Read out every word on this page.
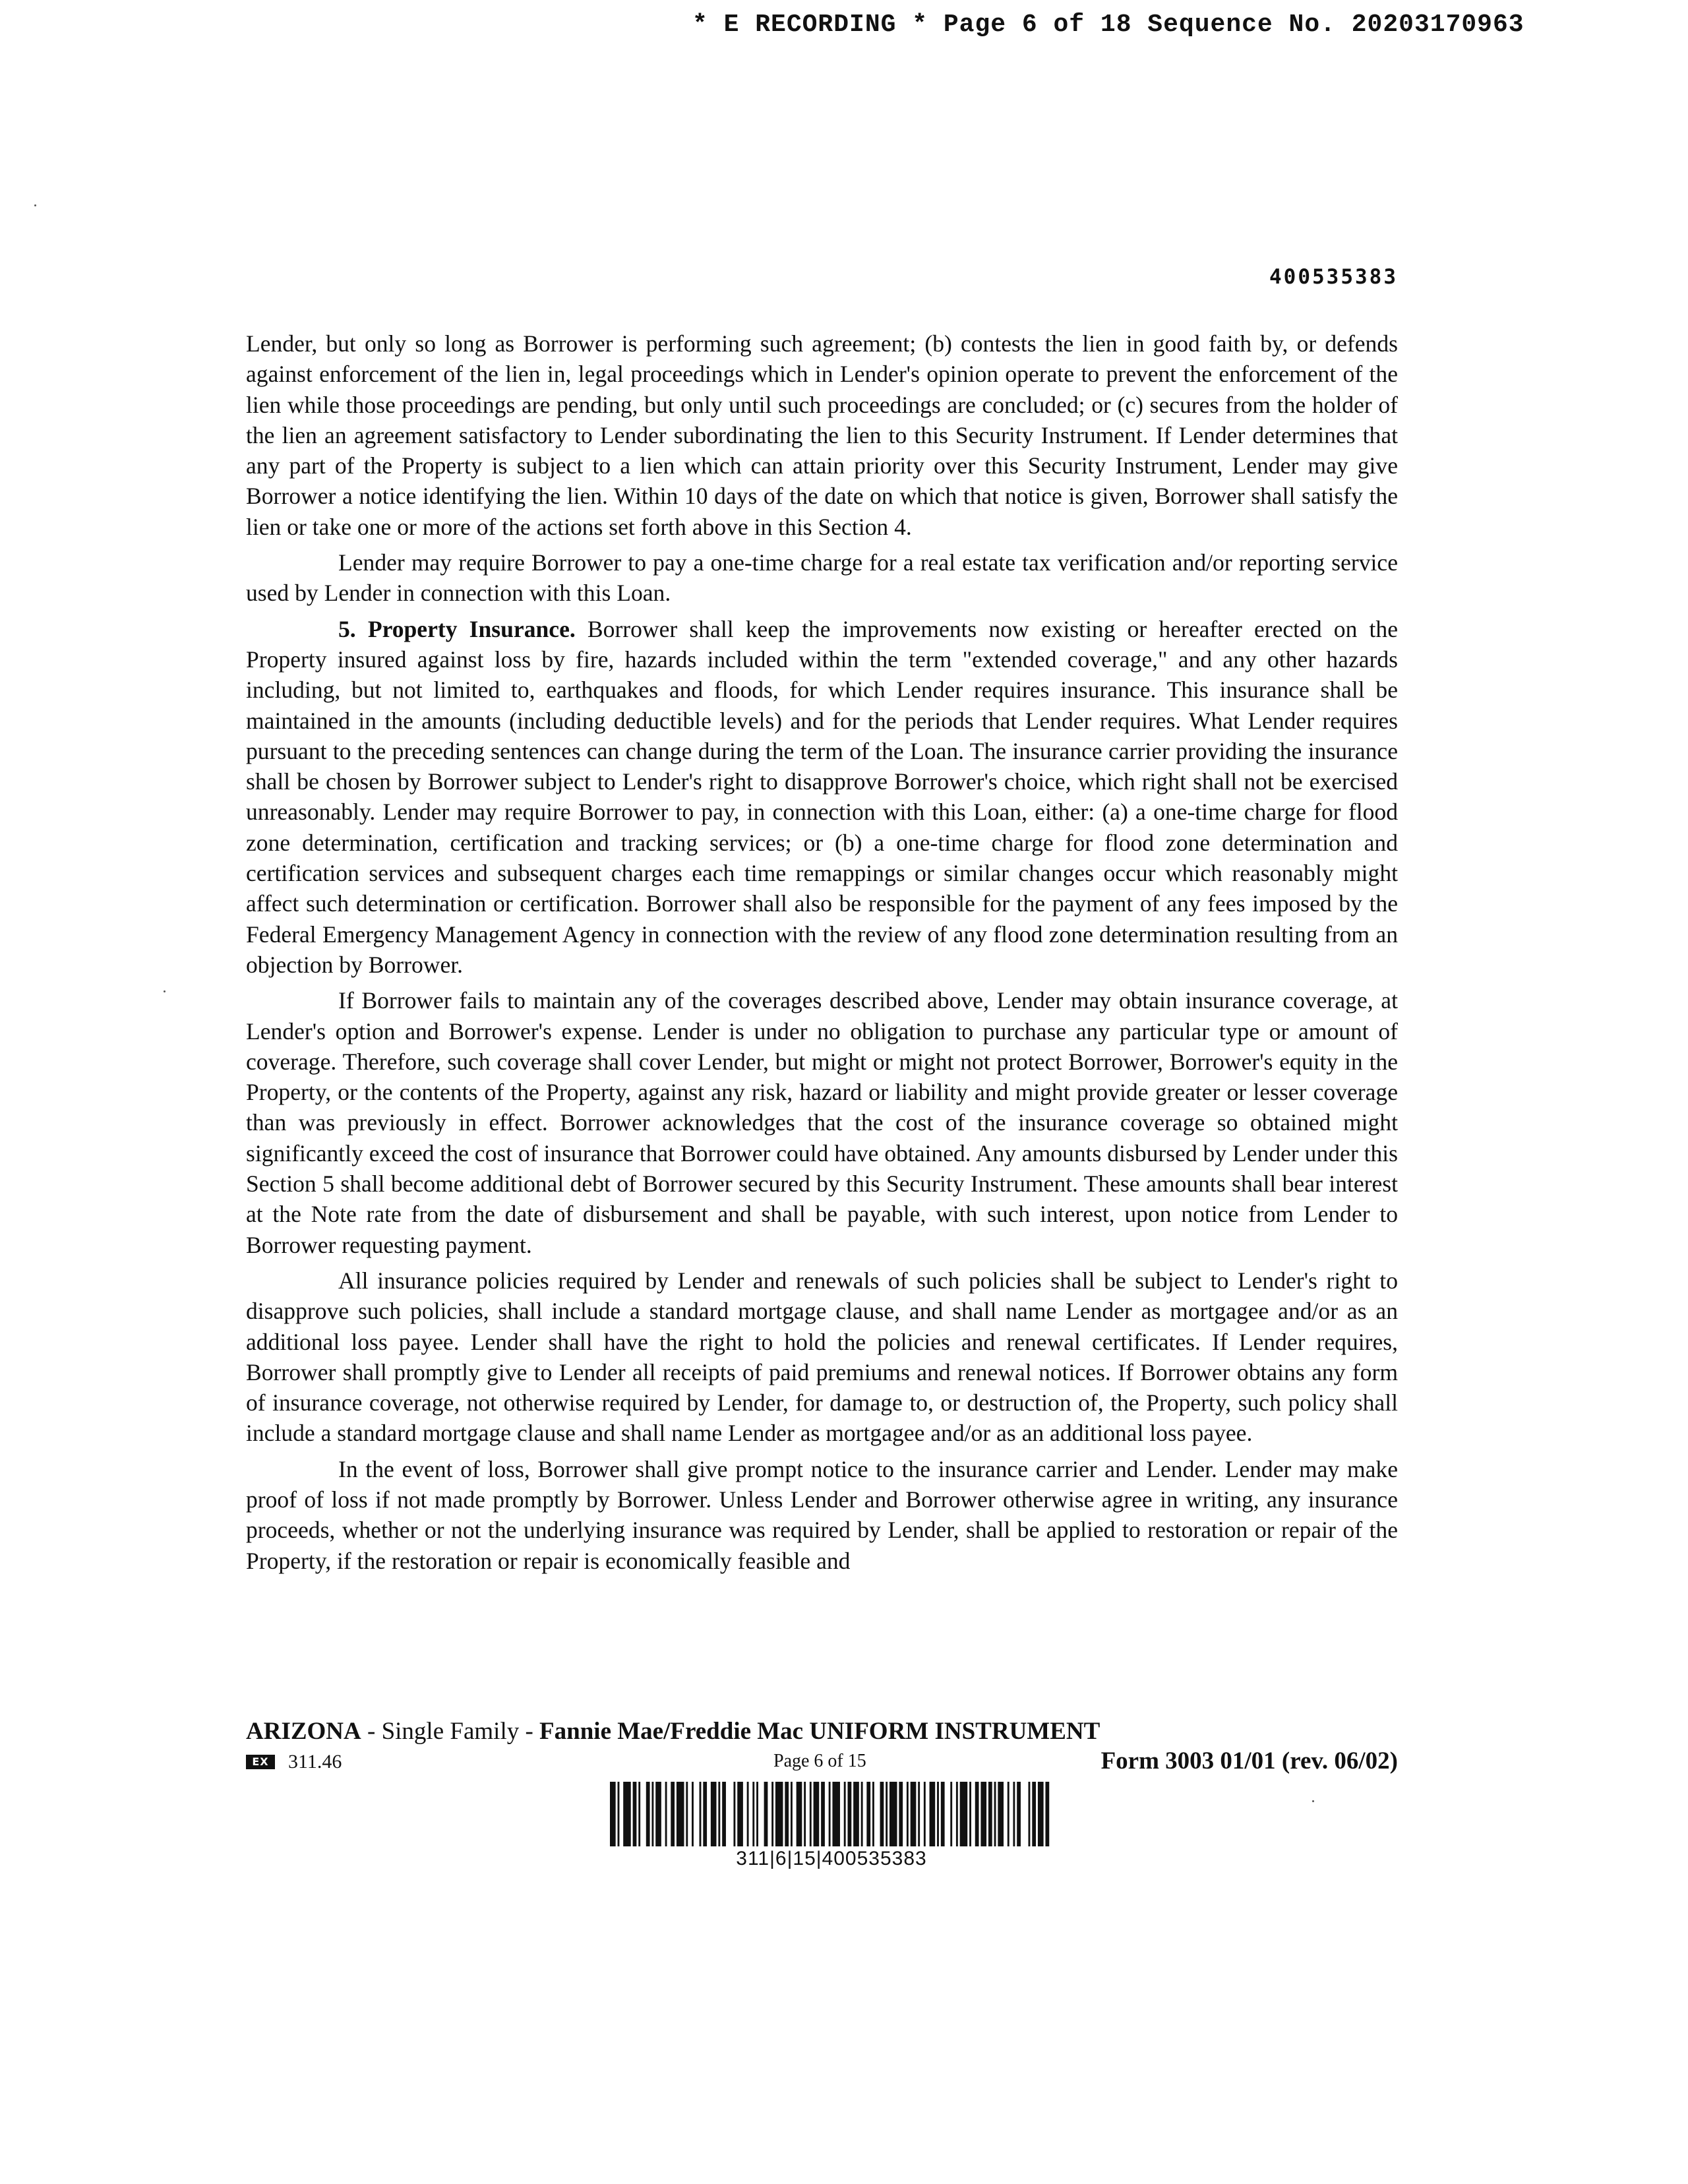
* E RECORDING * Page 6 of 18 Sequence No. 20203170963
400535383

Lender, but only so long as Borrower is performing such agreement; (b) contests the lien in good faith by, or defends against enforcement of the lien in, legal proceedings which in Lender's opinion operate to prevent the enforcement of the lien while those proceedings are pending, but only until such proceedings are concluded; or (c) secures from the holder of the lien an agreement satisfactory to Lender subordinating the lien to this Security Instrument. If Lender determines that any part of the Property is subject to a lien which can attain priority over this Security Instrument, Lender may give Borrower a notice identifying the lien. Within 10 days of the date on which that notice is given, Borrower shall satisfy the lien or take one or more of the actions set forth above in this Section 4.

Lender may require Borrower to pay a one-time charge for a real estate tax verification and/or reporting service used by Lender in connection with this Loan.

5. Property Insurance. Borrower shall keep the improvements now existing or hereafter erected on the Property insured against loss by fire, hazards included within the term "extended coverage," and any other hazards including, but not limited to, earthquakes and floods, for which Lender requires insurance. This insurance shall be maintained in the amounts (including deductible levels) and for the periods that Lender requires. What Lender requires pursuant to the preceding sentences can change during the term of the Loan. The insurance carrier providing the insurance shall be chosen by Borrower subject to Lender's right to disapprove Borrower's choice, which right shall not be exercised unreasonably. Lender may require Borrower to pay, in connection with this Loan, either: (a) a one-time charge for flood zone determination, certification and tracking services; or (b) a one-time charge for flood zone determination and certification services and subsequent charges each time remappings or similar changes occur which reasonably might affect such determination or certification. Borrower shall also be responsible for the payment of any fees imposed by the Federal Emergency Management Agency in connection with the review of any flood zone determination resulting from an objection by Borrower.

If Borrower fails to maintain any of the coverages described above, Lender may obtain insurance coverage, at Lender's option and Borrower's expense. Lender is under no obligation to purchase any particular type or amount of coverage. Therefore, such coverage shall cover Lender, but might or might not protect Borrower, Borrower's equity in the Property, or the contents of the Property, against any risk, hazard or liability and might provide greater or lesser coverage than was previously in effect. Borrower acknowledges that the cost of the insurance coverage so obtained might significantly exceed the cost of insurance that Borrower could have obtained. Any amounts disbursed by Lender under this Section 5 shall become additional debt of Borrower secured by this Security Instrument. These amounts shall bear interest at the Note rate from the date of disbursement and shall be payable, with such interest, upon notice from Lender to Borrower requesting payment.

All insurance policies required by Lender and renewals of such policies shall be subject to Lender's right to disapprove such policies, shall include a standard mortgage clause, and shall name Lender as mortgagee and/or as an additional loss payee. Lender shall have the right to hold the policies and renewal certificates. If Lender requires, Borrower shall promptly give to Lender all receipts of paid premiums and renewal notices. If Borrower obtains any form of insurance coverage, not otherwise required by Lender, for damage to, or destruction of, the Property, such policy shall include a standard mortgage clause and shall name Lender as mortgagee and/or as an additional loss payee.

In the event of loss, Borrower shall give prompt notice to the insurance carrier and Lender. Lender may make proof of loss if not made promptly by Borrower. Unless Lender and Borrower otherwise agree in writing, any insurance proceeds, whether or not the underlying insurance was required by Lender, shall be applied to restoration or repair of the Property, if the restoration or repair is economically feasible and

ARIZONA - Single Family - Fannie Mae/Freddie Mac UNIFORM INSTRUMENT
EX 311.46	Page 6 of 15	Form 3003 01/01 (rev. 06/02)
311|6|15|400535383
